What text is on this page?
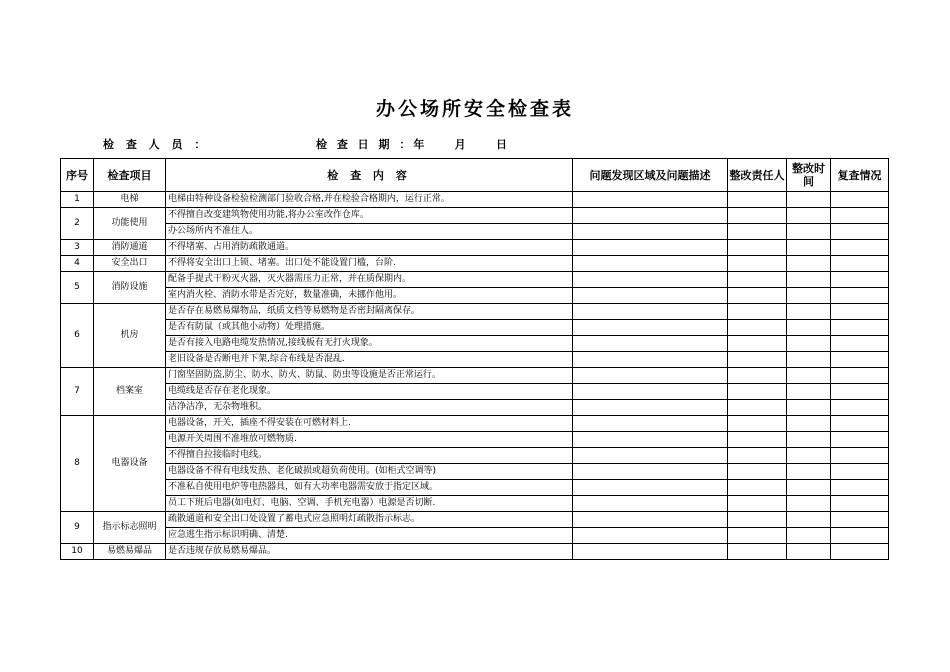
办公场所安全检查表
检 查 人 员 ：	检 查 日 期 ：年    月    日
序号	检查项目	检 查 内 容	问题发现区域及问题描述	整改责任人	整改时间	复查情况
1	电梯	电梯由特种设备检验检测部门验收合格,并在检验合格期内，运行正常。				
2	功能使用	不得擅自改变建筑物使用功能,将办公室改作仓库。				
		办公场所内不准住人。				
3	消防通道	不得堵塞、占用消防疏散通道。				
4	安全出口	不得将安全出口上锁、堵塞。出口处不能设置门槛，台阶.				
5	消防设施	配备手提式干粉灭火器，灭火器需压力正常，并在质保期内。				
		室内消火栓、消防水带是否完好，数量准确，未挪作他用。				
6	机房	是否存在易燃易爆物品，纸质文档等易燃物是否密封隔离保存。				
		是否有防鼠（或其他小动物）处理措施。				
		是否有接入电路电缆发热情况,接线板有无打火现象。				
		老旧设备是否断电并下架,综合布线是否混乱.				
7	档案室	门窗坚固防盗,防尘、防水、防火、防鼠、防虫等设施是否正常运行。				
		电缆线是否存在老化现象。				
		洁净洁净，无杂物堆积。				
8	电器设备	电器设备，开关，插座不得安装在可燃材料上.				
		电源开关周围不准堆放可燃物质.				
		不得擅自拉接临时电线。				
		电器设备不得有电线发热、老化破损或超负荷使用。(如柜式空调等)				
		不准私自使用电炉等电热器具，如有大功率电器需安放于指定区域。				
		员工下班后电器(如电灯、电脑、空调、手机充电器）电源是否切断.				
9	指示标志照明	疏散通道和安全出口处设置了蓄电式应急照明灯疏散指示标志。				
		应急逃生指示标识明确、清楚.				
10	易燃易爆品	是否违规存放易燃易爆品。				
